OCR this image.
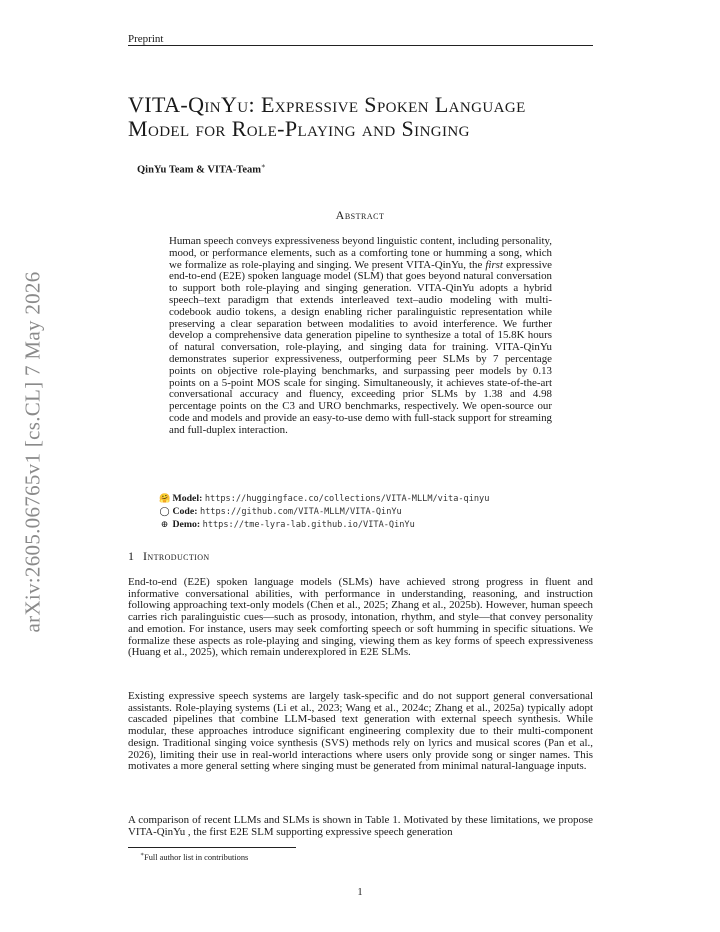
arXiv:2605.06765v1 [cs.CL] 7 May 2026
Preprint
VITA-QinYu: Expressive Spoken Language
Model for Role-Playing and Singing
QinYu Team & VITA-Team∗
Abstract
Human speech conveys expressiveness beyond linguistic content, including personality, mood, or performance elements, such as a comforting tone or humming a song, which we formalize as role-playing and singing. We present VITA-QinYu, the first expressive end-to-end (E2E) spoken language model (SLM) that goes beyond natural conversation to support both role-playing and singing generation. VITA-QinYu adopts a hybrid speech–text paradigm that extends interleaved text–audio modeling with multi-codebook audio tokens, a design enabling richer paralinguistic representation while preserving a clear separation between modalities to avoid interference. We further develop a comprehensive data generation pipeline to synthesize a total of 15.8K hours of natural conversation, role-playing, and singing data for training. VITA-QinYu demonstrates superior expressiveness, outperforming peer SLMs by 7 percentage points on objective role-playing benchmarks, and surpassing peer models by 0.13 points on a 5-point MOS scale for singing. Simultaneously, it achieves state-of-the-art conversational accuracy and fluency, exceeding prior SLMs by 1.38 and 4.98 percentage points on the C3 and URO benchmarks, respectively. We open-source our code and models and provide an easy-to-use demo with full-stack support for streaming and full-duplex interaction.
🤗 Model: https://huggingface.co/collections/VITA-MLLM/vita-qinyu
◯ Code: https://github.com/VITA-MLLM/VITA-QinYu
⊕ Demo: https://tme-lyra-lab.github.io/VITA-QinYu
1 Introduction

End-to-end (E2E) spoken language models (SLMs) have achieved strong progress in fluent and informative conversational abilities, with performance in understanding, reasoning, and instruction following approaching text-only models (Chen et al., 2025; Zhang et al., 2025b). However, human speech carries rich paralinguistic cues—such as prosody, intonation, rhythm, and style—that convey personality and emotion. For instance, users may seek comforting speech or soft humming in specific situations. We formalize these aspects as role-playing and singing, viewing them as key forms of speech expressiveness (Huang et al., 2025), which remain underexplored in E2E SLMs.

Existing expressive speech systems are largely task-specific and do not support general conversational assistants. Role-playing systems (Li et al., 2023; Wang et al., 2024c; Zhang et al., 2025a) typically adopt cascaded pipelines that combine LLM-based text generation with external speech synthesis. While modular, these approaches introduce significant engineering complexity due to their multi-component design. Traditional singing voice synthesis (SVS) methods rely on lyrics and musical scores (Pan et al., 2026), limiting their use in real-world interactions where users only provide song or singer names. This motivates a more general setting where singing must be generated from minimal natural-language inputs.

A comparison of recent LLMs and SLMs is shown in Table 1. Motivated by these limitations, we propose VITA-QinYu , the first E2E SLM supporting expressive speech generation

∗Full author list in contributions
1
